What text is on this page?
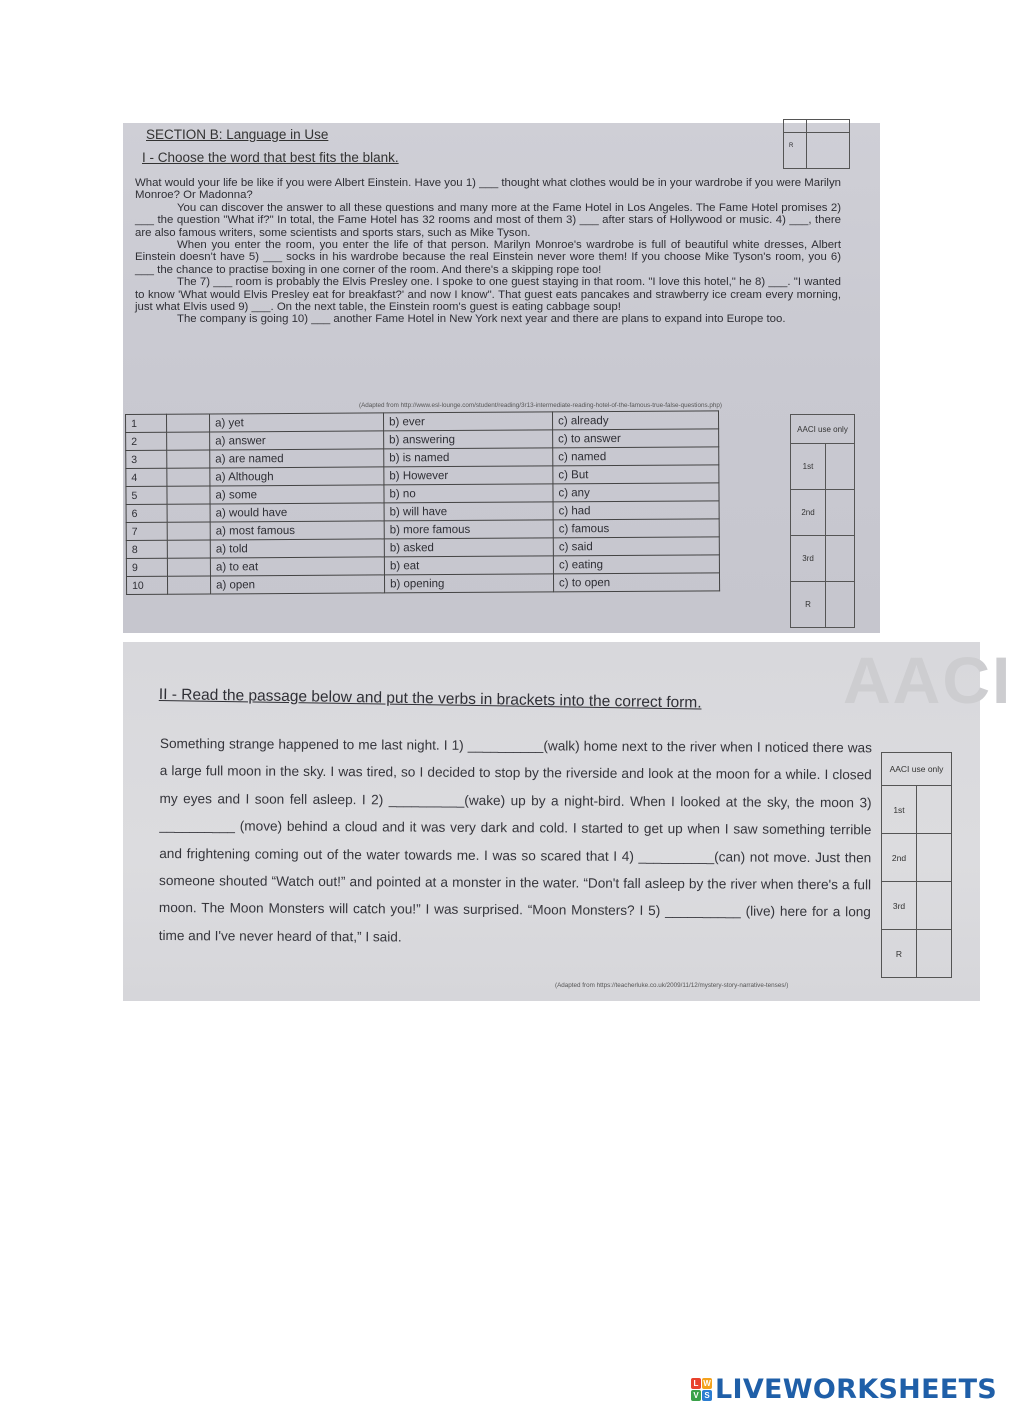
R
SECTION B: Language in Use
I - Choose the word that best fits the blank.

What would your life be like if you were Albert Einstein. Have you 1) ___ thought what clothes would be in your wardrobe if you were Marilyn Monroe? Or Madonna?

You can discover the answer to all these questions and many more at the Fame Hotel in Los Angeles. The Fame Hotel promises 2) ___ the question "What if?" In total, the Fame Hotel has 32 rooms and most of them 3) ___ after stars of Hollywood or music. 4) ___, there are also famous writers, some scientists and sports stars, such as Mike Tyson.

When you enter the room, you enter the life of that person. Marilyn Monroe's wardrobe is full of beautiful white dresses, Albert Einstein doesn't have 5) ___ socks in his wardrobe because the real Einstein never wore them! If you choose Mike Tyson's room, you 6) ___ the chance to practise boxing in one corner of the room. And there's a skipping rope too!

The 7) ___ room is probably the Elvis Presley one. I spoke to one guest staying in that room. "I love this hotel," he 8) ___. "I wanted to know 'What would Elvis Presley eat for breakfast?' and now I know". That guest eats pancakes and strawberry ice cream every morning, just what Elvis used 9) ___. On the next table, the Einstein room's guest is eating cabbage soup!

The company is going 10) ___ another Fame Hotel in New York next year and there are plans to expand into Europe too.

(Adapted from http://www.esl-lounge.com/student/reading/3r13-intermediate-reading-hotel-of-the-famous-true-false-questions.php)
1		a) yet	b) ever	c) already
2		a) answer	b) answering	c) to answer
3		a) are named	b) is named	c) named
4		a) Although	b) However	c) But
5		a) some	b) no	c) any
6		a) would have	b) will have	c) had
7		a) most famous	b) more famous	c) famous
8		a) told	b) asked	c) said
9		a) to eat	b) eat	c) eating
10		a) open	b) opening	c) to open
AACI use only	
1st	
2nd	
3rd	
R	
AACI
II - Read the passage below and put the verbs in brackets into the correct form.

Something strange happened to me last night. I 1) __________(walk) home next to the river when I noticed there was a large full moon in the sky. I was tired, so I decided to stop by the riverside and look at the moon for a while. I closed my eyes and I soon fell asleep. I 2) __________(wake) up by a night-bird. When I looked at the sky, the moon 3) __________ (move) behind a cloud and it was very dark and cold. I started to get up when I saw something terrible and frightening coming out of the water towards me. I was so scared that I 4) __________(can) not move. Just then someone shouted “Watch out!” and pointed at a monster in the water. “Don't fall asleep by the river when there's a full moon. The Moon Monsters will catch you!” I was surprised. “Moon Monsters? I 5) __________ (live) here for a long time and I've never heard of that,” I said.

(Adapted from https://teacherluke.co.uk/2009/11/12/mystery-story-narrative-tenses/)
AACI use only	
1st	
2nd	
3rd	
R	
L W
V S LIVEWORKSHEETS
